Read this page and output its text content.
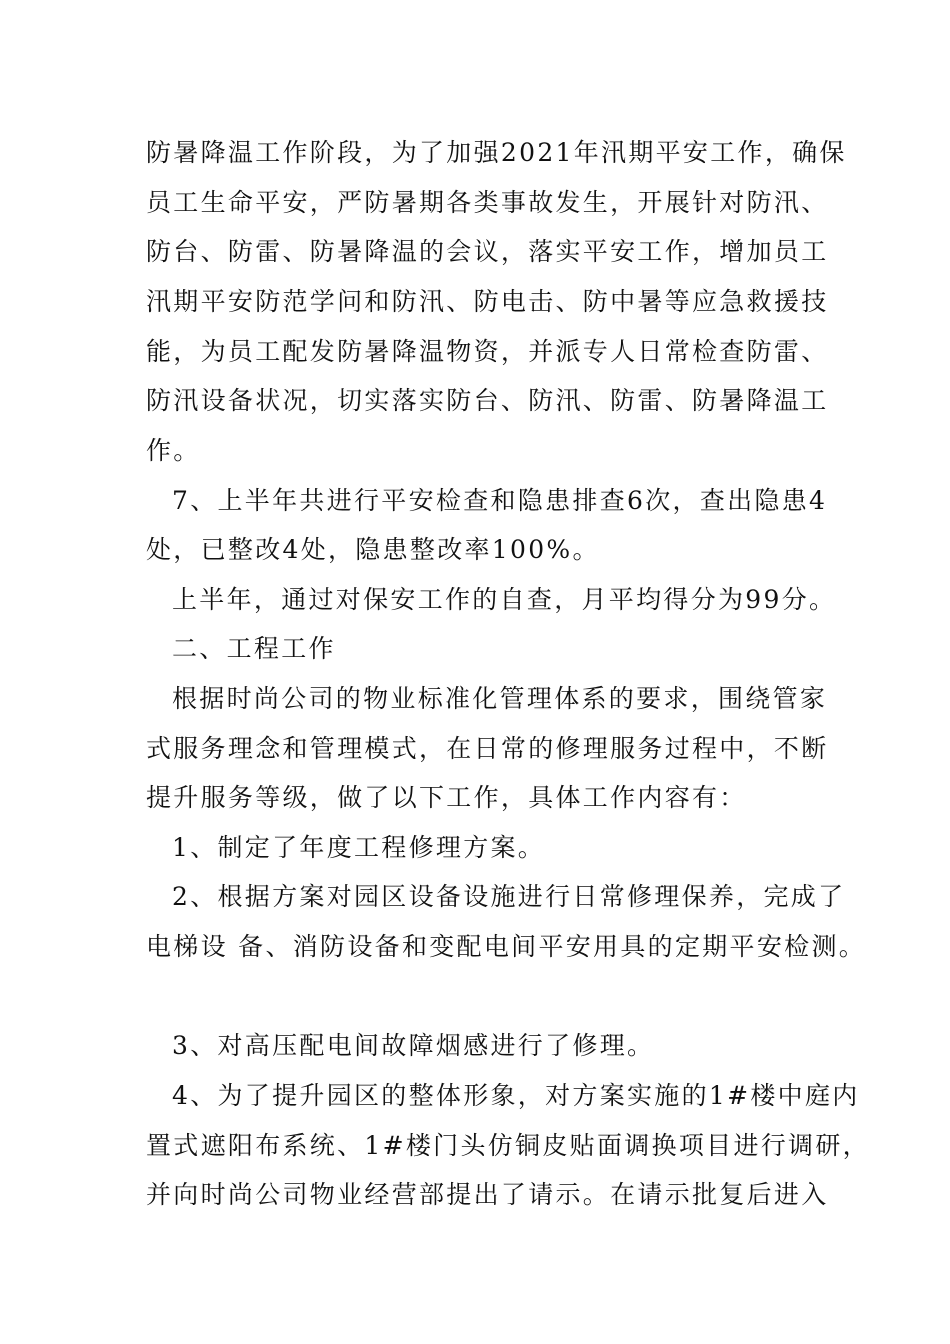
防暑降温工作阶段，为了加强2021年汛期平安工作，确保
员工生命平安，严防暑期各类事故发生，开展针对防汛、
防台、防雷、防暑降温的会议，落实平安工作，增加员工
汛期平安防范学问和防汛、防电击、防中暑等应急救援技
能，为员工配发防暑降温物资，并派专人日常检查防雷、
防汛设备状况，切实落实防台、防汛、防雷、防暑降温工
作。
7、上半年共进行平安检查和隐患排查6次，查出隐患4
处，已整改4处，隐患整改率100%。
上半年，通过对保安工作的自查，月平均得分为99分。
二、工程工作
根据时尚公司的物业标准化管理体系的要求，围绕管家
式服务理念和管理模式，在日常的修理服务过程中，不断
提升服务等级，做了以下工作，具体工作内容有：
1、制定了年度工程修理方案。
2、根据方案对园区设备设施进行日常修理保养，完成了
电梯设 备、消防设备和变配电间平安用具的定期平安检测。
3、对高压配电间故障烟感进行了修理。
4、为了提升园区的整体形象，对方案实施的1#楼中庭内
置式遮阳布系统、1#楼门头仿铜皮贴面调换项目进行调研，
并向时尚公司物业经营部提出了请示。在请示批复后进入
